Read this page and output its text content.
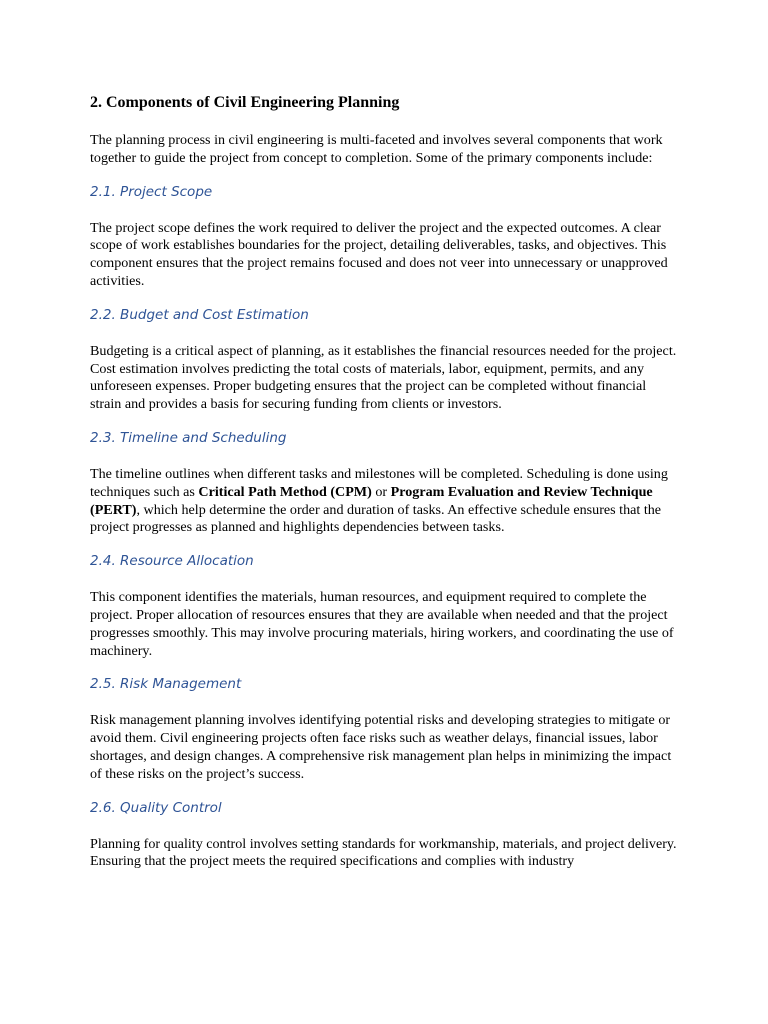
2. Components of Civil Engineering Planning

The planning process in civil engineering is multi-faceted and involves several components that work together to guide the project from concept to completion. Some of the primary components include:

2.1. Project Scope

The project scope defines the work required to deliver the project and the expected outcomes. A clear scope of work establishes boundaries for the project, detailing deliverables, tasks, and objectives. This component ensures that the project remains focused and does not veer into unnecessary or unapproved activities.

2.2. Budget and Cost Estimation

Budgeting is a critical aspect of planning, as it establishes the financial resources needed for the project. Cost estimation involves predicting the total costs of materials, labor, equipment, permits, and any unforeseen expenses. Proper budgeting ensures that the project can be completed without financial strain and provides a basis for securing funding from clients or investors.

2.3. Timeline and Scheduling

The timeline outlines when different tasks and milestones will be completed. Scheduling is done using techniques such as Critical Path Method (CPM) or Program Evaluation and Review Technique (PERT), which help determine the order and duration of tasks. An effective schedule ensures that the project progresses as planned and highlights dependencies between tasks.

2.4. Resource Allocation

This component identifies the materials, human resources, and equipment required to complete the project. Proper allocation of resources ensures that they are available when needed and that the project progresses smoothly. This may involve procuring materials, hiring workers, and coordinating the use of machinery.

2.5. Risk Management

Risk management planning involves identifying potential risks and developing strategies to mitigate or avoid them. Civil engineering projects often face risks such as weather delays, financial issues, labor shortages, and design changes. A comprehensive risk management plan helps in minimizing the impact of these risks on the project’s success.

2.6. Quality Control

Planning for quality control involves setting standards for workmanship, materials, and project delivery. Ensuring that the project meets the required specifications and complies with industry
